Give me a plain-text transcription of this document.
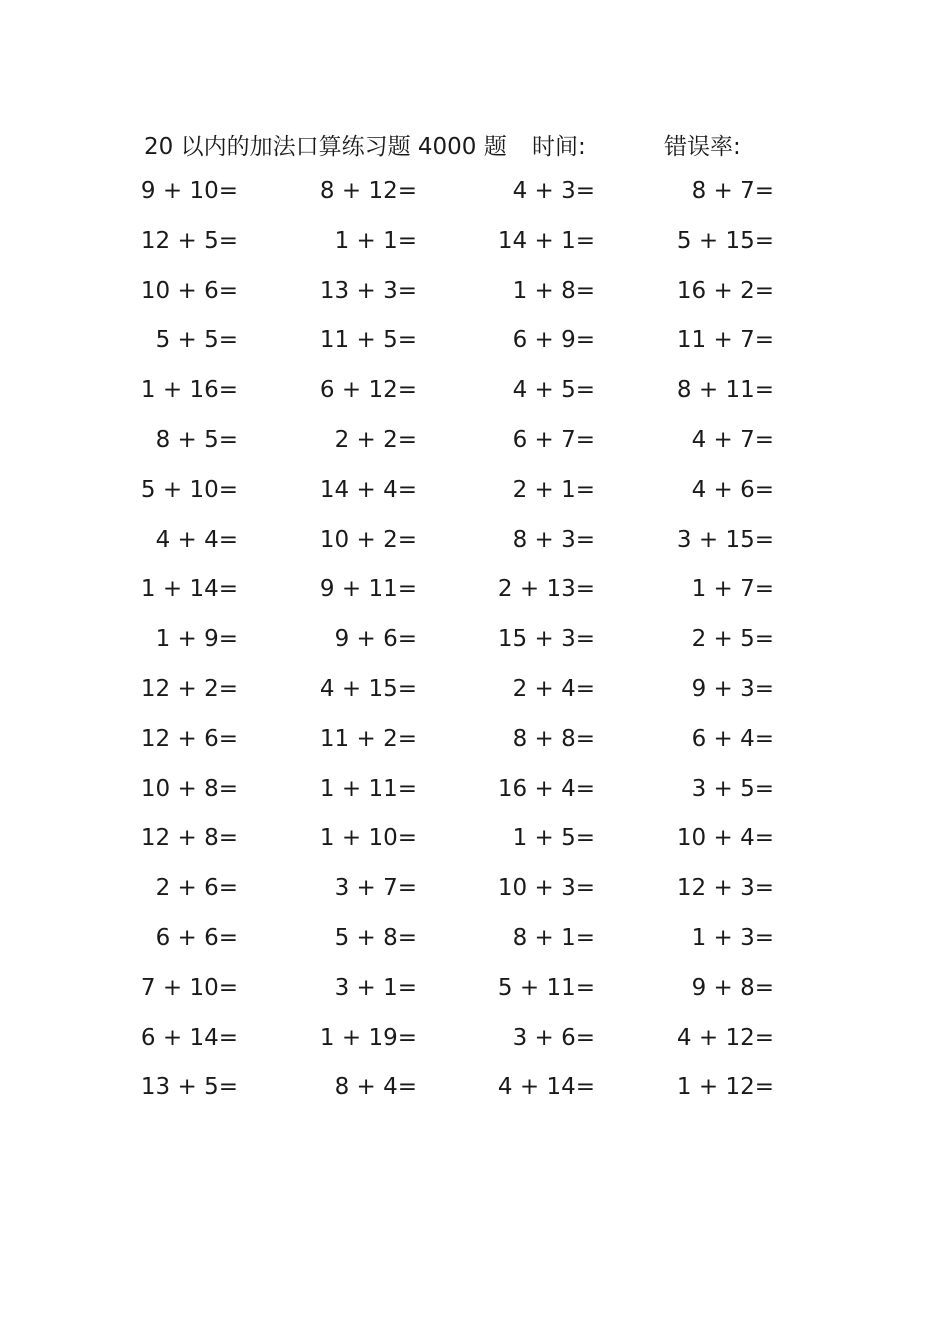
20 以内的加法口算练习题 4000 题 时间:	错误率:
9 + 10=	8 + 12=	4 + 3=	8 + 7=
12 + 5=	1 + 1=	14 + 1=	5 + 15=
10 + 6=	13 + 3=	1 + 8=	16 + 2=
5 + 5=	11 + 5=	6 + 9=	11 + 7=
1 + 16=	6 + 12=	4 + 5=	8 + 11=
8 + 5=	2 + 2=	6 + 7=	4 + 7=
5 + 10=	14 + 4=	2 + 1=	4 + 6=
4 + 4=	10 + 2=	8 + 3=	3 + 15=
1 + 14=	9 + 11=	2 + 13=	1 + 7=
1 + 9=	9 + 6=	15 + 3=	2 + 5=
12 + 2=	4 + 15=	2 + 4=	9 + 3=
12 + 6=	11 + 2=	8 + 8=	6 + 4=
10 + 8=	1 + 11=	16 + 4=	3 + 5=
12 + 8=	1 + 10=	1 + 5=	10 + 4=
2 + 6=	3 + 7=	10 + 3=	12 + 3=
6 + 6=	5 + 8=	8 + 1=	1 + 3=
7 + 10=	3 + 1=	5 + 11=	9 + 8=
6 + 14=	1 + 19=	3 + 6=	4 + 12=
13 + 5=	8 + 4=	4 + 14=	1 + 12=
